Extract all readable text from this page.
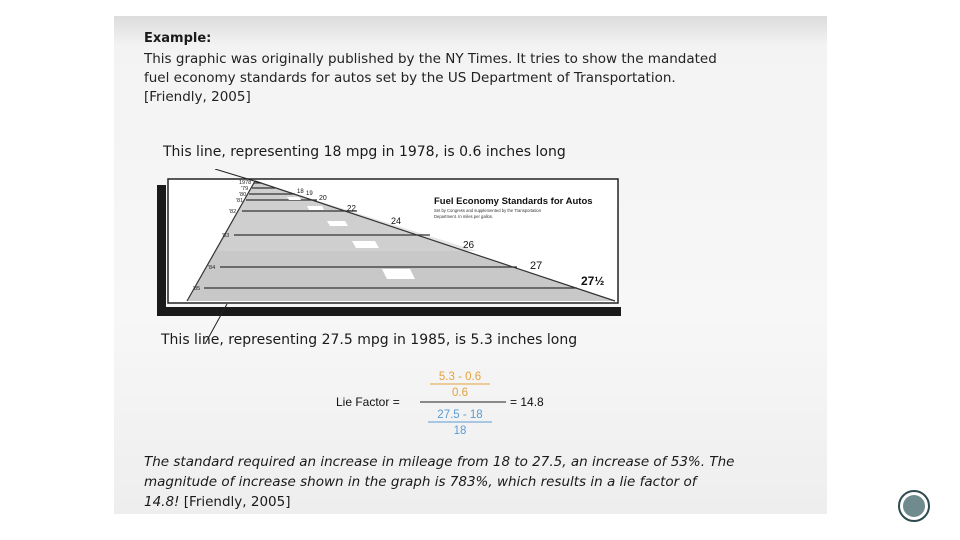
Example:
This graphic was originally published by the NY Times. It tries to show the mandated
fuel economy standards for autos set by the US Department of Transportation.
[Friendly, 2005]
This line, representing 18 mpg in 1978, is 0.6 inches long
1978
'79
'80
'81
'82
'83
'84
'85
18 19
20
22
24
26
27
27½
Fuel Economy Standards for Autos
Set by Congress and supplemented by the Transportation
Department. In miles per gallon.
This line, representing 27.5 mpg in 1985, is 5.3 inches long
Lie Factor =
5.3 - 0.6
0.6
27.5 - 18
18
= 14.8
The standard required an increase in mileage from 18 to 27.5, an increase of 53%. The
magnitude of increase shown in the graph is 783%, which results in a lie factor of
14.8! [Friendly, 2005]
